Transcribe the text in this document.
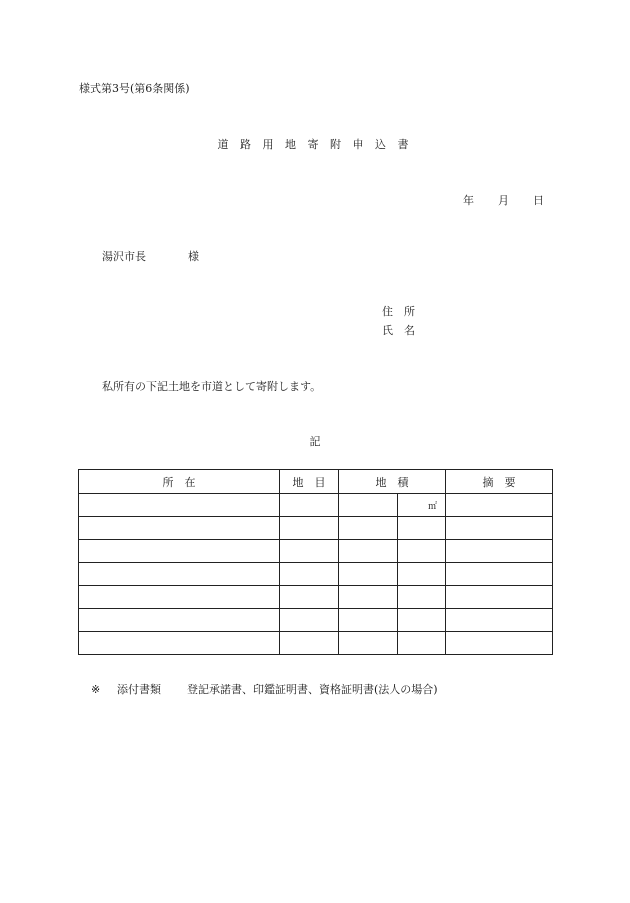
様式第3号(第6条関係)
道 路 用 地 寄 附 申 込 書
年 月 日
湯沢市長	様
住　所
氏　名
私所有の下記土地を市道として寄附します。
記
所　在	地　目	地　積		摘　要
			㎡	

※ 添付書類 登記承諾書、印鑑証明書、資格証明書(法人の場合)
